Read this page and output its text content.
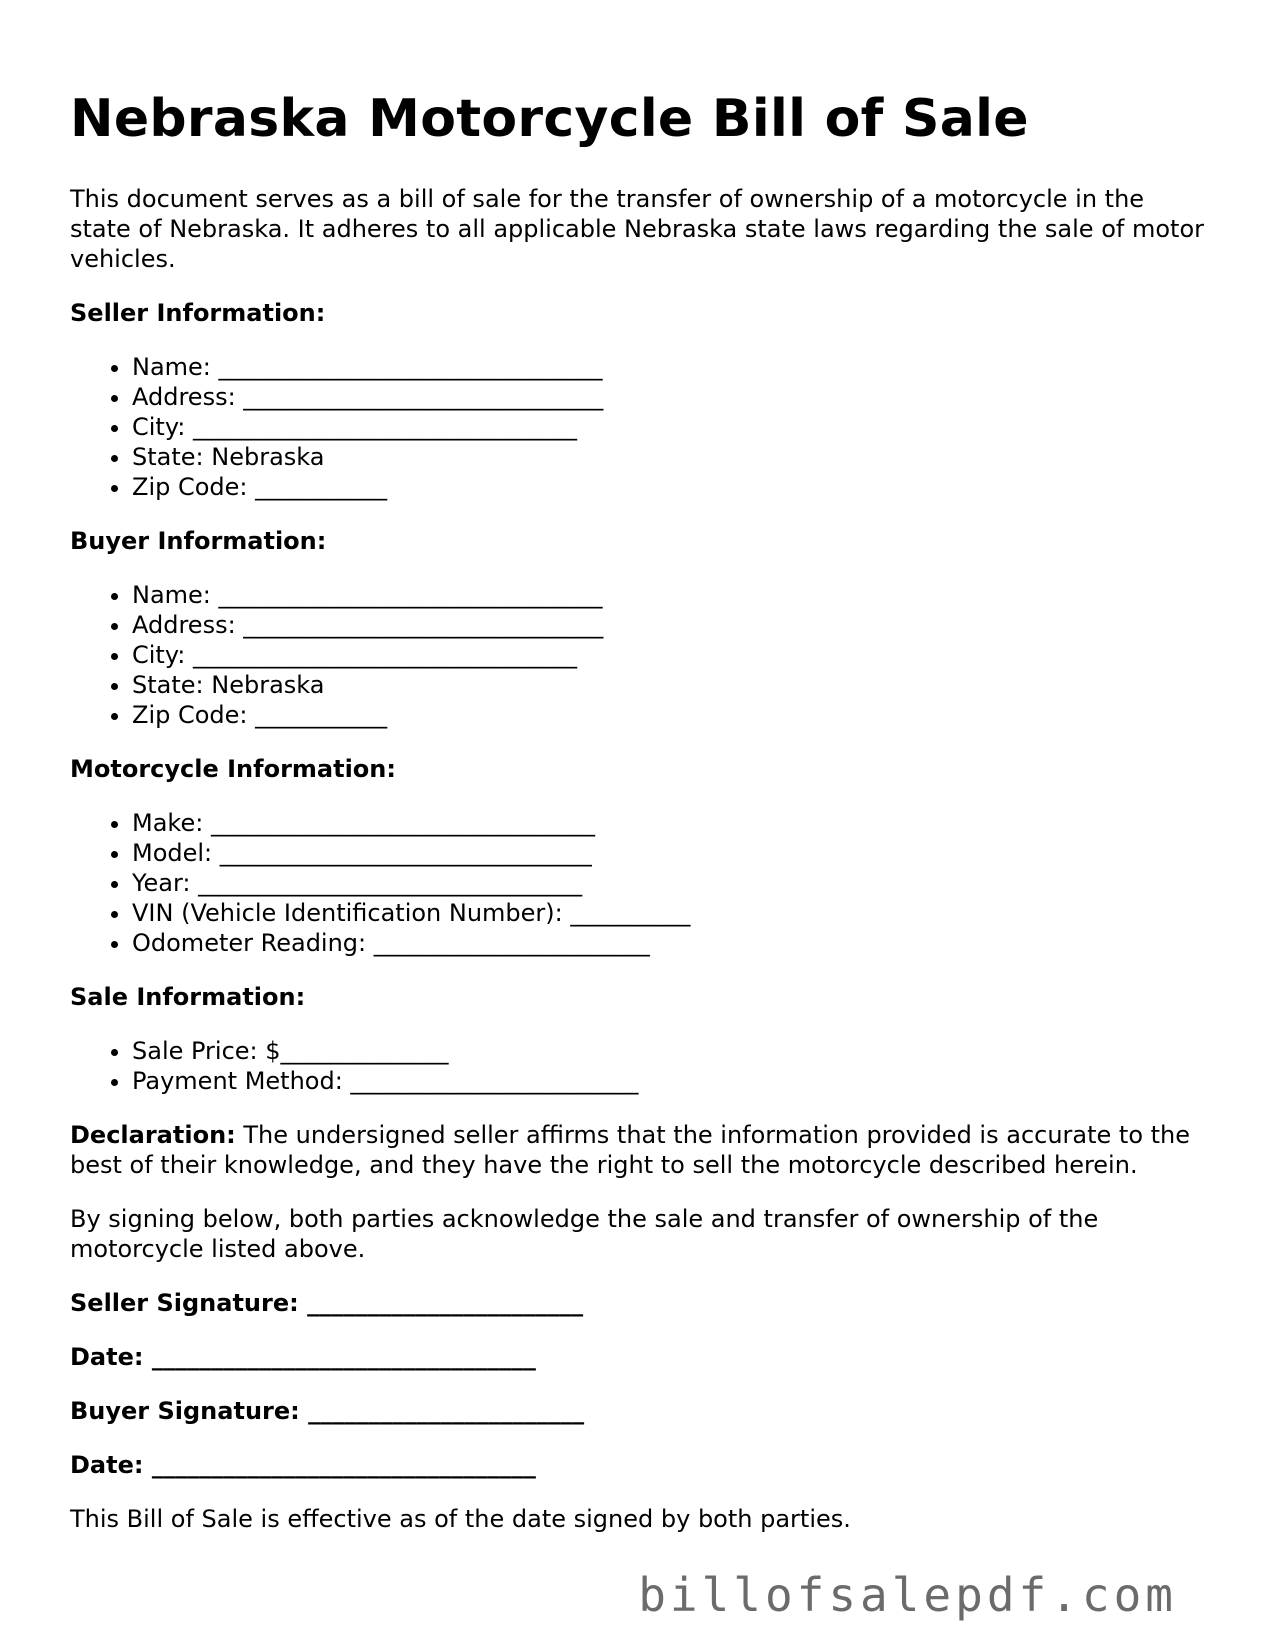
Nebraska Motorcycle Bill of Sale

This document serves as a bill of sale for the transfer of ownership of a motorcycle in the state of Nebraska. It adheres to all applicable Nebraska state laws regarding the sale of motor vehicles.

Seller Information:
• Name: ________________________________
• Address: ______________________________
• City: ________________________________
• State: Nebraska
• Zip Code: ___________
Buyer Information:
• Name: ________________________________
• Address: ______________________________
• City: ________________________________
• State: Nebraska
• Zip Code: ___________
Motorcycle Information:
• Make: ________________________________
• Model: _______________________________
• Year: ________________________________
• VIN (Vehicle Identification Number): __________
• Odometer Reading: _______________________
Sale Information:
• Sale Price: $______________
• Payment Method: ________________________

Declaration: The undersigned seller affirms that the information provided is accurate to the best of their knowledge, and they have the right to sell the motorcycle described herein.

By signing below, both parties acknowledge the sale and transfer of ownership of the motorcycle listed above.

Seller Signature: _______________________
Date: ________________________________
Buyer Signature: _______________________
Date: ________________________________

This Bill of Sale is effective as of the date signed by both parties.

billofsalepdf.com
